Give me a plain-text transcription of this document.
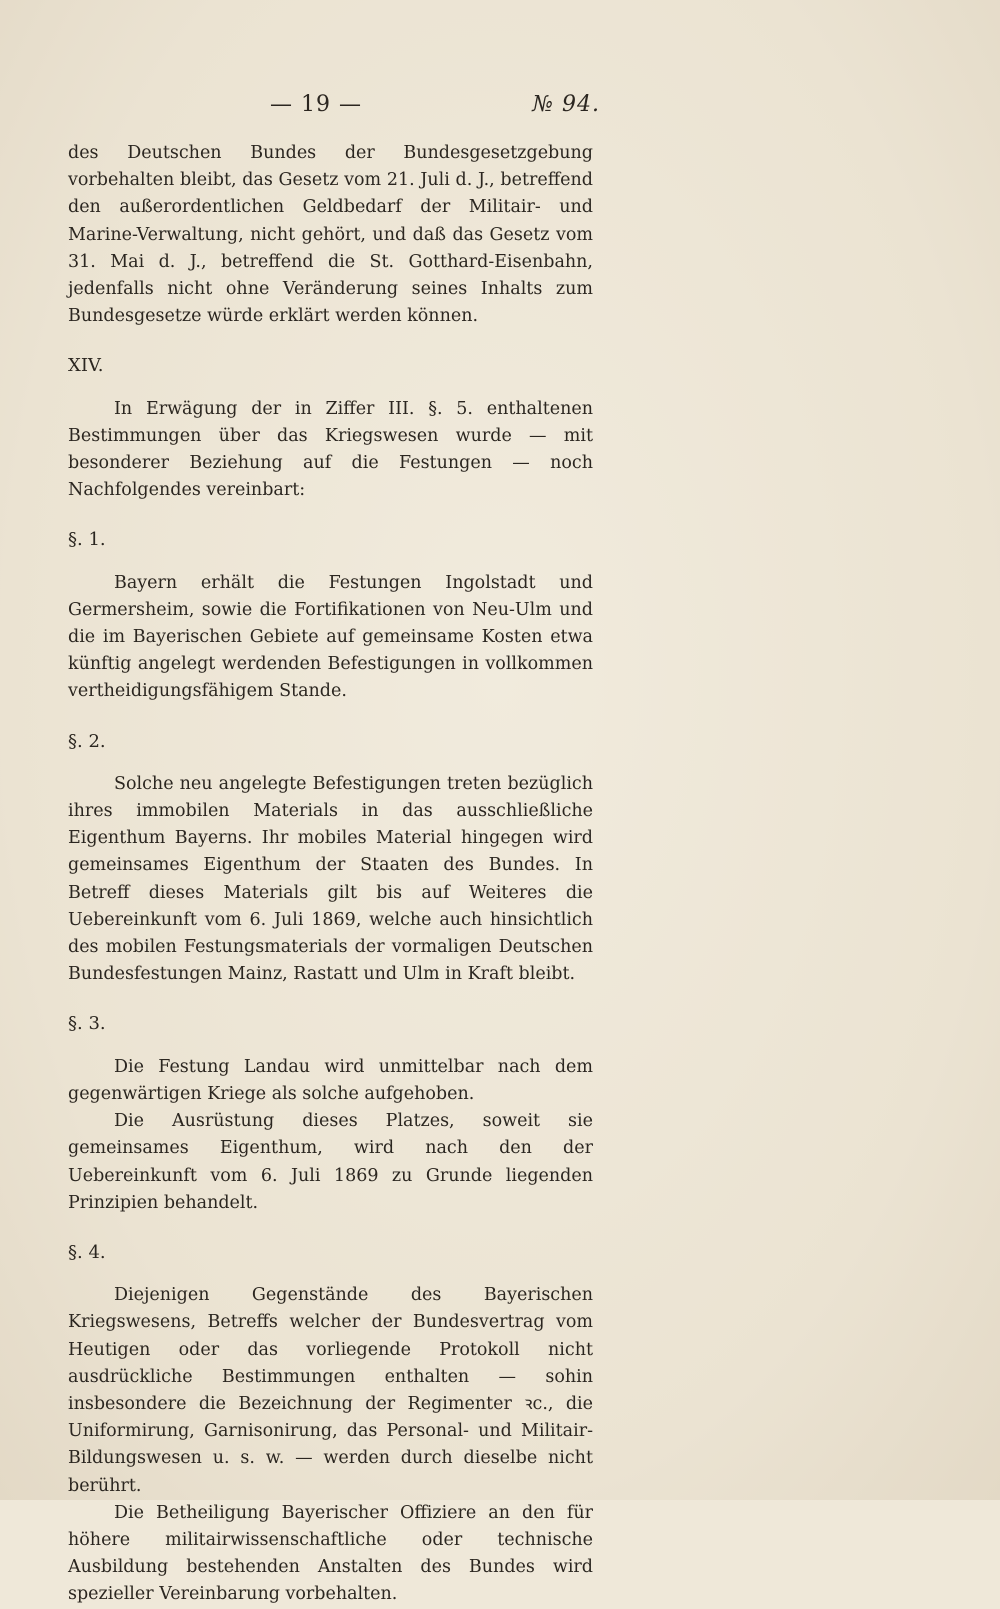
— 19 —	№ 94.

des Deutschen Bundes der Bundesgesetzgebung vorbehalten bleibt, das Gesetz vom 21. Juli d. J., betreffend den außerordentlichen Geldbedarf der Militair- und Marine-Verwaltung, nicht gehört, und daß das Gesetz vom 31. Mai d. J., betreffend die St. Gotthard-Eisenbahn, jedenfalls nicht ohne Veränderung seines Inhalts zum Bundesgesetze würde erklärt werden können.

XIV.

In Erwägung der in Ziffer III. §. 5. enthaltenen Bestimmungen über das Kriegswesen wurde — mit besonderer Beziehung auf die Festungen — noch Nachfolgendes vereinbart:

§. 1.

Bayern erhält die Festungen Ingolstadt und Germersheim, sowie die Fortifikationen von Neu-Ulm und die im Bayerischen Gebiete auf gemeinsame Kosten etwa künftig angelegt werdenden Befestigungen in vollkommen vertheidigungsfähigem Stande.

§. 2.

Solche neu angelegte Befestigungen treten bezüglich ihres immobilen Materials in das ausschließliche Eigenthum Bayerns. Ihr mobiles Material hingegen wird gemeinsames Eigenthum der Staaten des Bundes. In Betreff dieses Materials gilt bis auf Weiteres die Uebereinkunft vom 6. Juli 1869, welche auch hinsichtlich des mobilen Festungsmaterials der vormaligen Deutschen Bundesfestungen Mainz, Rastatt und Ulm in Kraft bleibt.

§. 3.

Die Festung Landau wird unmittelbar nach dem gegenwärtigen Kriege als solche aufgehoben.

Die Ausrüstung dieses Platzes, soweit sie gemeinsames Eigenthum, wird nach den der Uebereinkunft vom 6. Juli 1869 zu Grunde liegenden Prinzipien behandelt.

§. 4.

Diejenigen Gegenstände des Bayerischen Kriegswesens, Betreffs welcher der Bundesvertrag vom Heutigen oder das vorliegende Protokoll nicht ausdrückliche Bestimmungen enthalten — sohin insbesondere die Bezeichnung der Regimenter ꝛc., die Uniformirung, Garnisonirung, das Personal- und Militair-Bildungswesen u. s. w. — werden durch dieselbe nicht berührt.

Die Betheiligung Bayerischer Offiziere an den für höhere militairwissenschaftliche oder technische Ausbildung bestehenden Anstalten des Bundes wird spezieller Vereinbarung vorbehalten.
